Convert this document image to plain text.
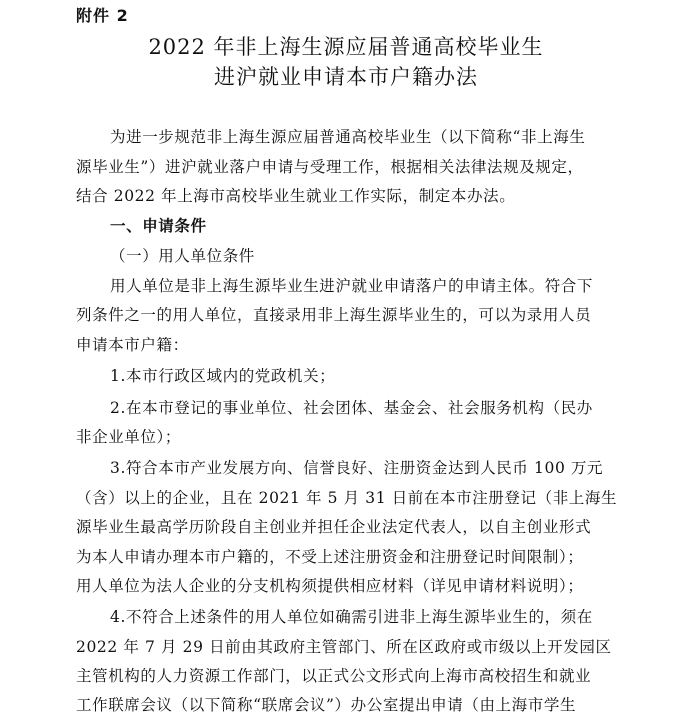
附件 2
2022 年非上海生源应届普通高校毕业生
进沪就业申请本市户籍办法
为进一步规范非上海生源应届普通高校毕业生（以下简称“非上海生
源毕业生”）进沪就业落户申请与受理工作，根据相关法律法规及规定，
结合 2022 年上海市高校毕业生就业工作实际，制定本办法。
一、申请条件
（一）用人单位条件
用人单位是非上海生源毕业生进沪就业申请落户的申请主体。符合下
列条件之一的用人单位，直接录用非上海生源毕业生的，可以为录用人员
申请本市户籍：
1.本市行政区域内的党政机关；
2.在本市登记的事业单位、社会团体、基金会、社会服务机构（民办
非企业单位）；
3.符合本市产业发展方向、信誉良好、注册资金达到人民币 100 万元
（含）以上的企业，且在 2021 年 5 月 31 日前在本市注册登记（非上海生
源毕业生最高学历阶段自主创业并担任企业法定代表人，以自主创业形式
为本人申请办理本市户籍的，不受上述注册资金和注册登记时间限制）；
用人单位为法人企业的分支机构须提供相应材料（详见申请材料说明）；
4.不符合上述条件的用人单位如确需引进非上海生源毕业生的，须在
2022 年 7 月 29 日前由其政府主管部门、所在区政府或市级以上开发园区
主管机构的人力资源工作部门，以正式公文形式向上海市高校招生和就业
工作联席会议（以下简称“联席会议”）办公室提出申请（由上海市学生
